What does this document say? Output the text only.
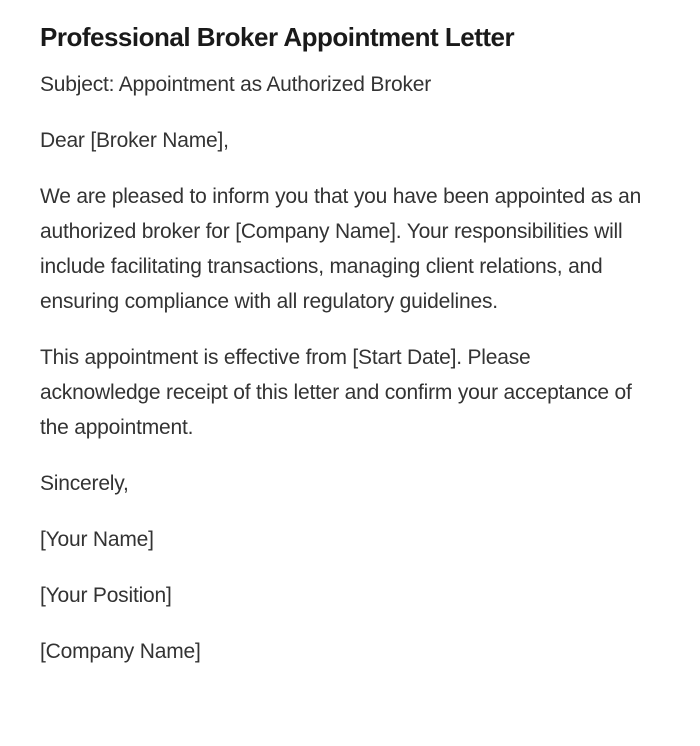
Professional Broker Appointment Letter

Subject: Appointment as Authorized Broker

Dear [Broker Name],

We are pleased to inform you that you have been appointed as an authorized broker for [Company Name]. Your responsibilities will include facilitating transactions, managing client relations, and ensuring compliance with all regulatory guidelines.

This appointment is effective from [Start Date]. Please acknowledge receipt of this letter and confirm your acceptance of the appointment.

Sincerely,

[Your Name]

[Your Position]

[Company Name]
